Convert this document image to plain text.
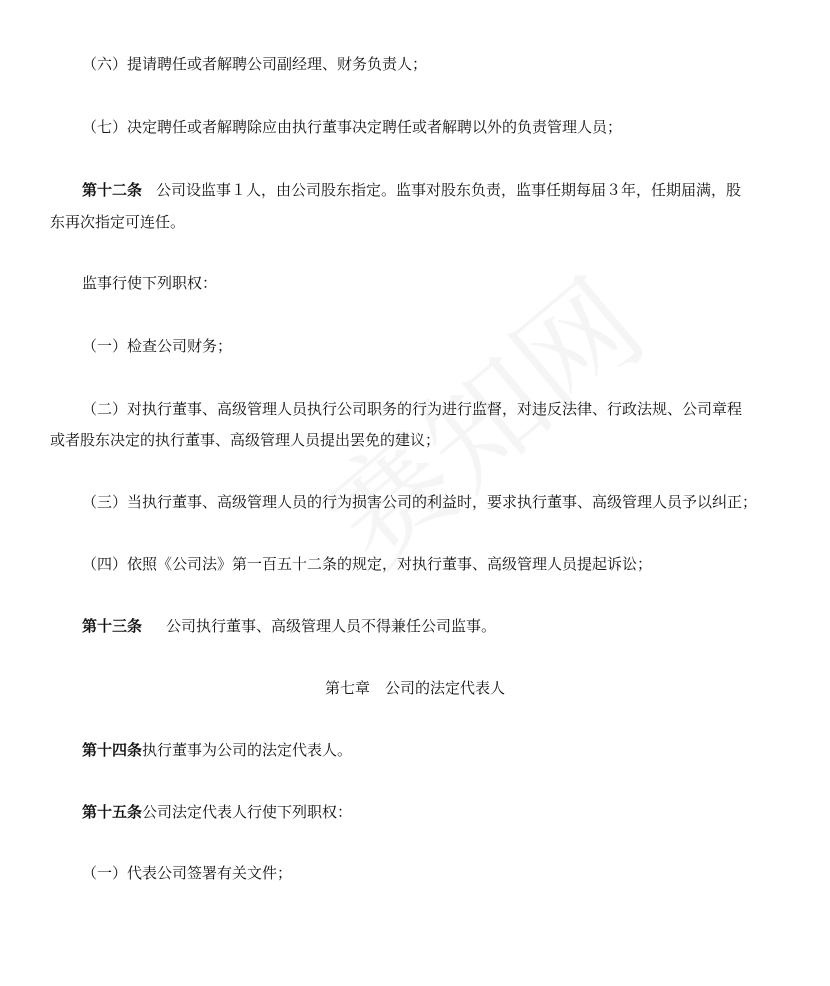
（六）提请聘任或者解聘公司副经理、财务负责人；
（七）决定聘任或者解聘除应由执行董事决定聘任或者解聘以外的负责管理人员；
第十二条 公司设监事１人，由公司股东指定。监事对股东负责，监事任期每届３年，任期届满，股
东再次指定可连任。
监事行使下列职权：
（一）检查公司财务；
（二）对执行董事、高级管理人员执行公司职务的行为进行监督，对违反法律、行政法规、公司章程
或者股东决定的执行董事、高级管理人员提出罢免的建议；
（三）当执行董事、高级管理人员的行为损害公司的利益时，要求执行董事、高级管理人员予以纠正；
（四）依照《公司法》第一百五十二条的规定，对执行董事、高级管理人员提起诉讼；
第十三条 公司执行董事、高级管理人员不得兼任公司监事。
第七章　公司的法定代表人
第十四条执行董事为公司的法定代表人。
第十五条公司法定代表人行使下列职权：
（一）代表公司签署有关文件；
